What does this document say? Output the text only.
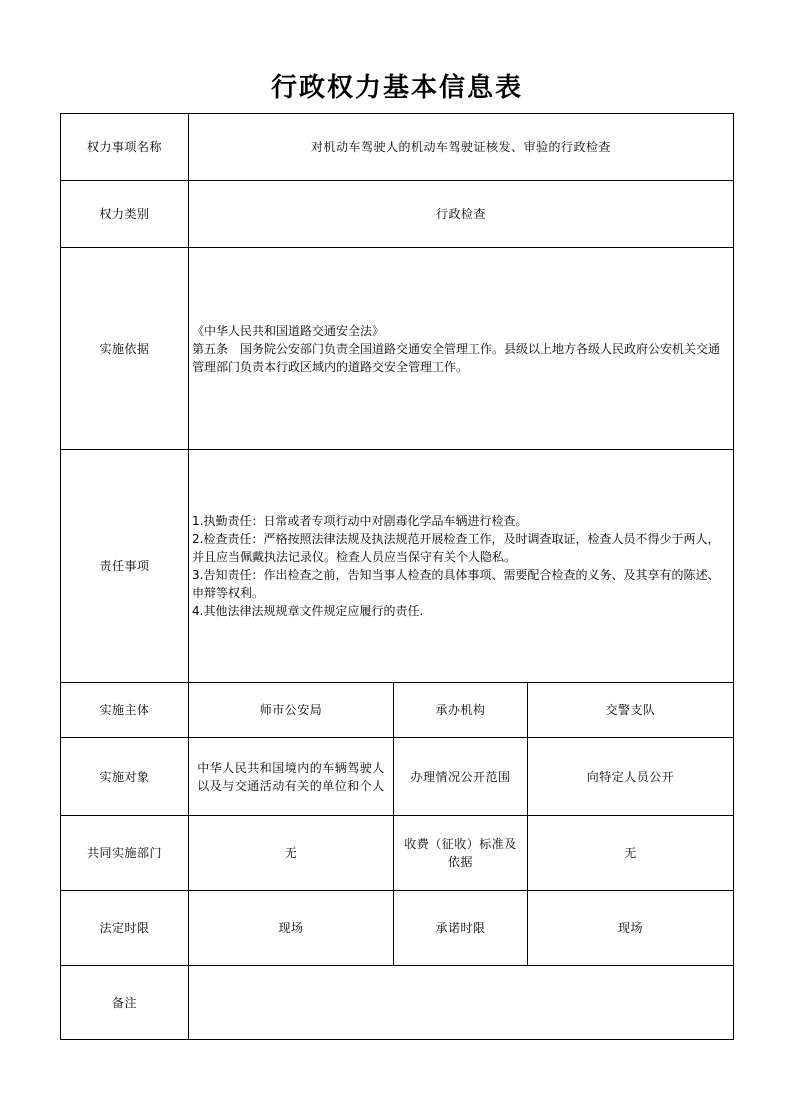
行政权力基本信息表
权力事项名称	对机动车驾驶人的机动车驾驶证核发、审验的行政检查		
权力类别	行政检查		
实施依据	《中华人民共和国道路交通安全法》
第五条　国务院公安部门负责全国道路交通安全管理工作。县级以上地方各级人民政府公安机关交通管理部门负责本行政区域内的道路交安全管理工作。		

责任事项	1.执勤责任：日常或者专项行动中对剧毒化学品车辆进行检查。
2.检查责任：严格按照法律法规及执法规范开展检查工作，及时调查取证，检查人员不得少于两人，并且应当佩戴执法记录仪。检查人员应当保守有关个人隐私。
3.告知责任：作出检查之前，告知当事人检查的具体事项、需要配合检查的义务、及其享有的陈述、申辩等权利。
4.其他法律法规规章文件规定应履行的责任.		

实施主体	师市公安局	承办机构	交警支队
实施对象	中华人民共和国境内的车辆驾驶人以及与交通活动有关的单位和个人	办理情况公开范围	向特定人员公开
共同实施部门	无	收费（征收）标准及依据	无
法定时限	现场	承诺时限	现场
备注			
